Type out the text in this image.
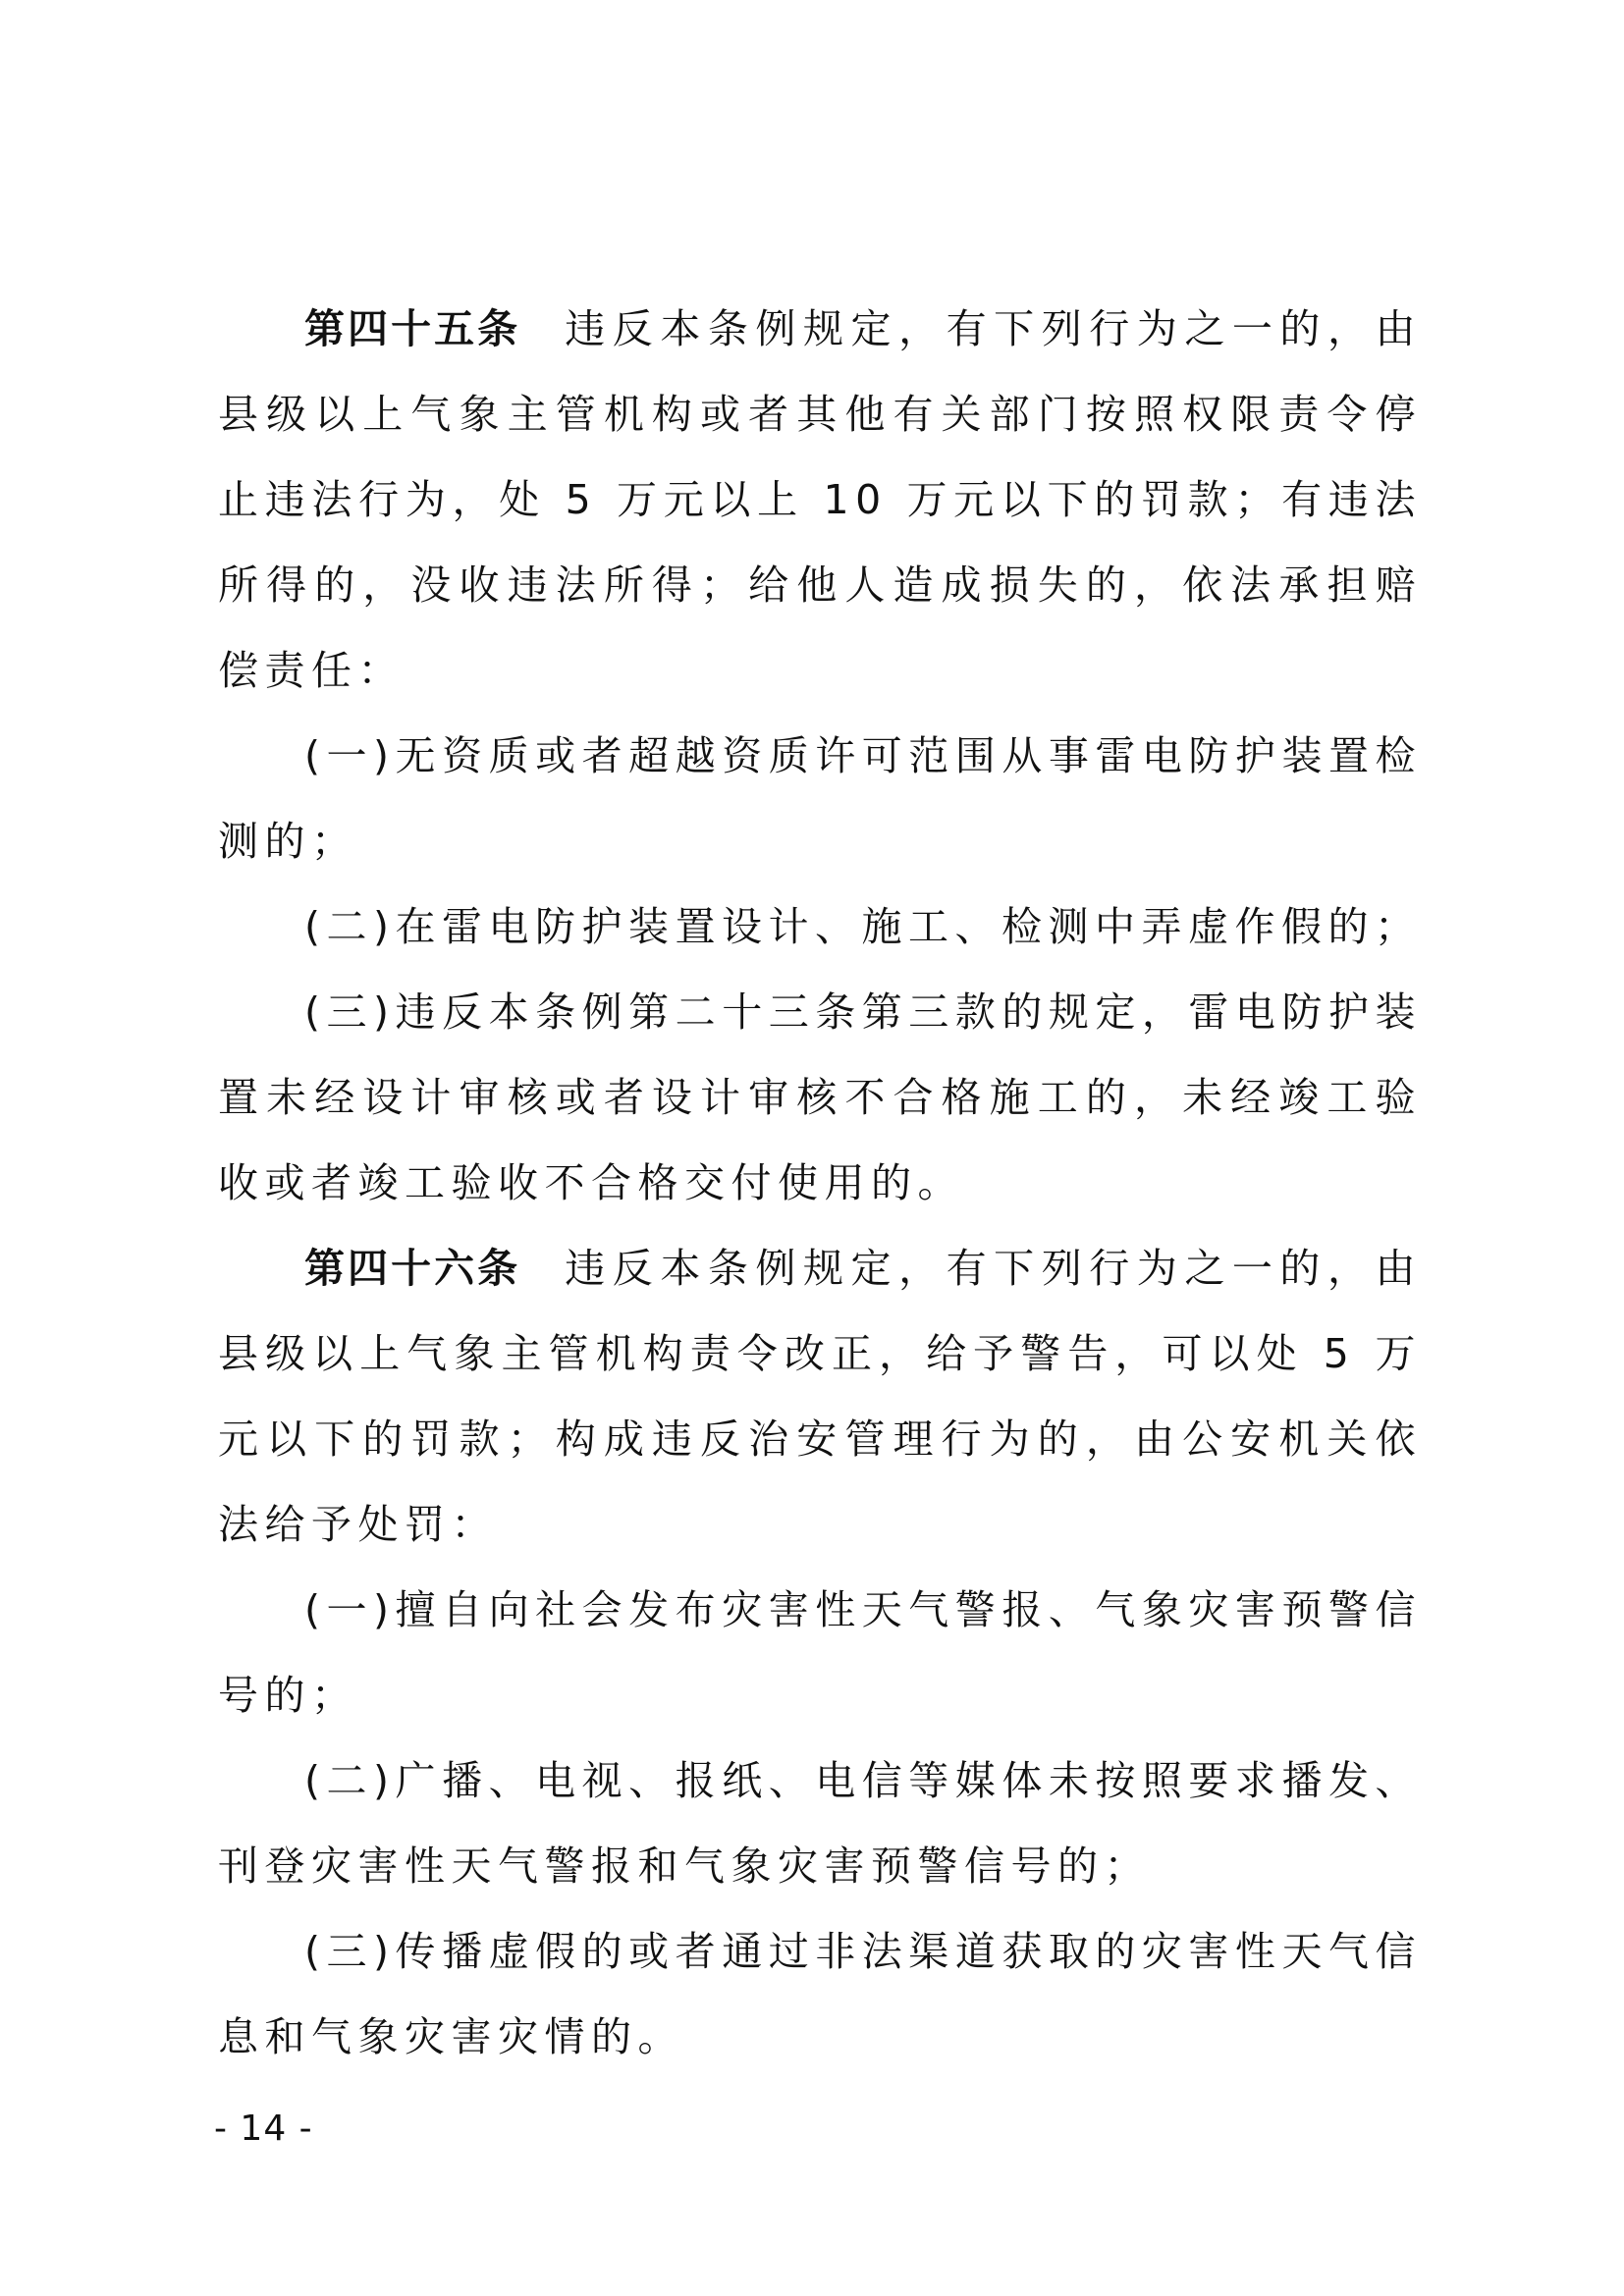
第四十五条 违反本条例规定，有下列行为之一的，由县级以上气象主管机构或者其他有关部门按照权限责令停止违法行为，处 5 万元以上 10 万元以下的罚款；有违法所得的，没收违法所得；给他人造成损失的，依法承担赔偿责任：

(一)无资质或者超越资质许可范围从事雷电防护装置检测的；

(二)在雷电防护装置设计、施工、检测中弄虚作假的；

(三)违反本条例第二十三条第三款的规定，雷电防护装置未经设计审核或者设计审核不合格施工的，未经竣工验收或者竣工验收不合格交付使用的。

第四十六条 违反本条例规定，有下列行为之一的，由县级以上气象主管机构责令改正，给予警告，可以处 5 万元以下的罚款；构成违反治安管理行为的，由公安机关依法给予处罚：

(一)擅自向社会发布灾害性天气警报、气象灾害预警信号的；

(二)广播、电视、报纸、电信等媒体未按照要求播发、刊登灾害性天气警报和气象灾害预警信号的；

(三)传播虚假的或者通过非法渠道获取的灾害性天气信息和气象灾害灾情的。

- 14 -
